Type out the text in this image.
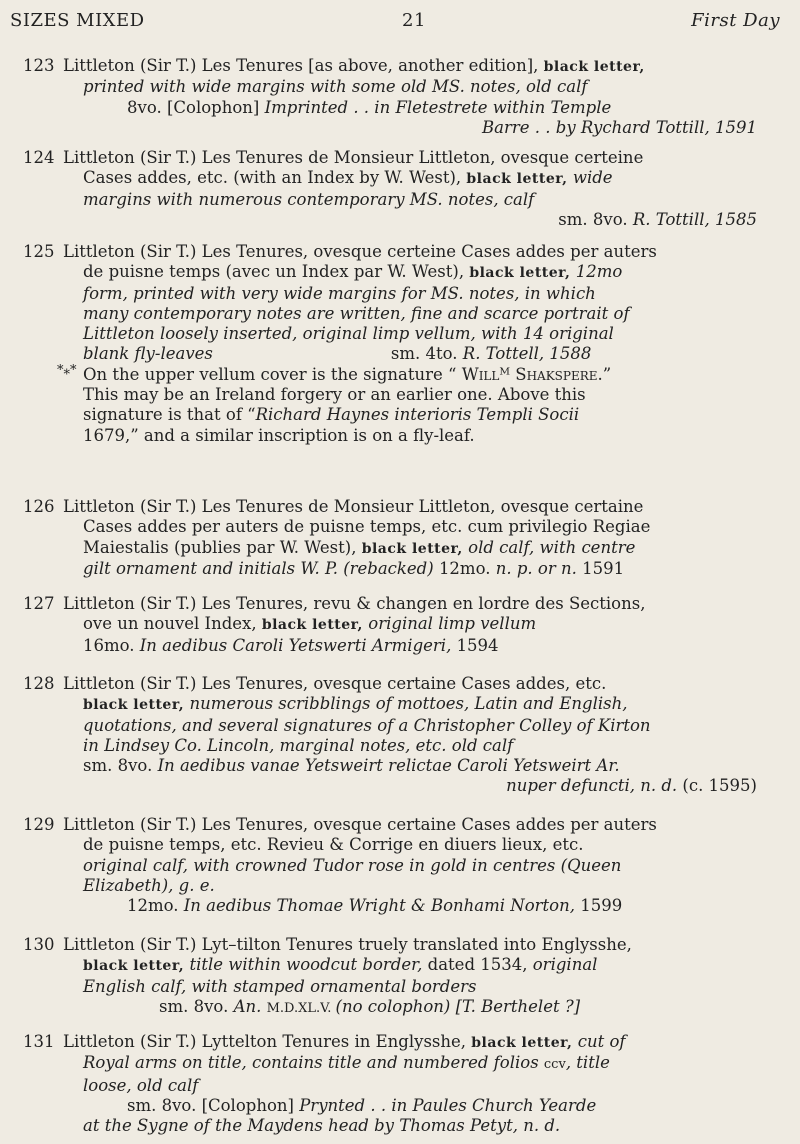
SIZES MIXED	21	First Day
123 Littleton (Sir T.) Les Tenures [as above, another edition], black letter,
printed with wide margins with some old MS. notes, old calf
8vo. [Colophon] Imprinted . . in Fletestrete within Temple
Barre . . by Rychard Tottill, 1591
124 Littleton (Sir T.) Les Tenures de Monsieur Littleton, ovesque certeine
Cases addes, etc. (with an Index by W. West), black letter, wide
margins with numerous contemporary MS. notes, calf
sm. 8vo. R. Tottill, 1585
125 Littleton (Sir T.) Les Tenures, ovesque certeine Cases addes per auters
de puisne temps (avec un Index par W. West), black letter, 12mo
form, printed with very wide margins for MS. notes, in which
many contemporary notes are written, fine and scarce portrait of
Littleton loosely inserted, original limp vellum, with 14 original
blank fly-leaves	sm. 4to. R. Tottell, 1588
*⁎* On the upper vellum cover is the signature “ Willᴹ Shakspere.”
This may be an Ireland forgery or an earlier one. Above this
signature is that of “Richard Haynes interioris Templi Socii
1679,” and a similar inscription is on a fly-leaf.
126 Littleton (Sir T.) Les Tenures de Monsieur Littleton, ovesque certaine
Cases addes per auters de puisne temps, etc. cum privilegio Regiae
Maiestalis (publies par W. West), black letter, old calf, with centre
gilt ornament and initials W. P. (rebacked) 12mo. n. p. or n. 1591
127 Littleton (Sir T.) Les Tenures, revu & changen en lordre des Sections,
ove un nouvel Index, black letter, original limp vellum
16mo. In aedibus Caroli Yetswerti Armigeri, 1594
128 Littleton (Sir T.) Les Tenures, ovesque certaine Cases addes, etc.
black letter, numerous scribblings of mottoes, Latin and English,
quotations, and several signatures of a Christopher Colley of Kirton
in Lindsey Co. Lincoln, marginal notes, etc. old calf
sm. 8vo. In aedibus vanae Yetsweirt relictae Caroli Yetsweirt Ar.
nuper defuncti, n. d. (c. 1595)
129 Littleton (Sir T.) Les Tenures, ovesque certaine Cases addes per auters
de puisne temps, etc. Revieu & Corrige en diuers lieux, etc.
original calf, with crowned Tudor rose in gold in centres (Queen
Elizabeth), g. e.
12mo. In aedibus Thomae Wright & Bonhami Norton, 1599
130 Littleton (Sir T.) Lyt–tilton Tenures truely translated into Englysshe,
black letter, title within woodcut border, dated 1534, original
English calf, with stamped ornamental borders
sm. 8vo. An. M.D.XL.V. (no colophon) [T. Berthelet ?]
131 Littleton (Sir T.) Lyttelton Tenures in Englysshe, black letter, cut of
Royal arms on title, contains title and numbered folios ccv, title
loose, old calf
sm. 8vo. [Colophon] Prynted . . in Paules Church Yearde
at the Sygne of the Maydens head by Thomas Petyt, n. d.
